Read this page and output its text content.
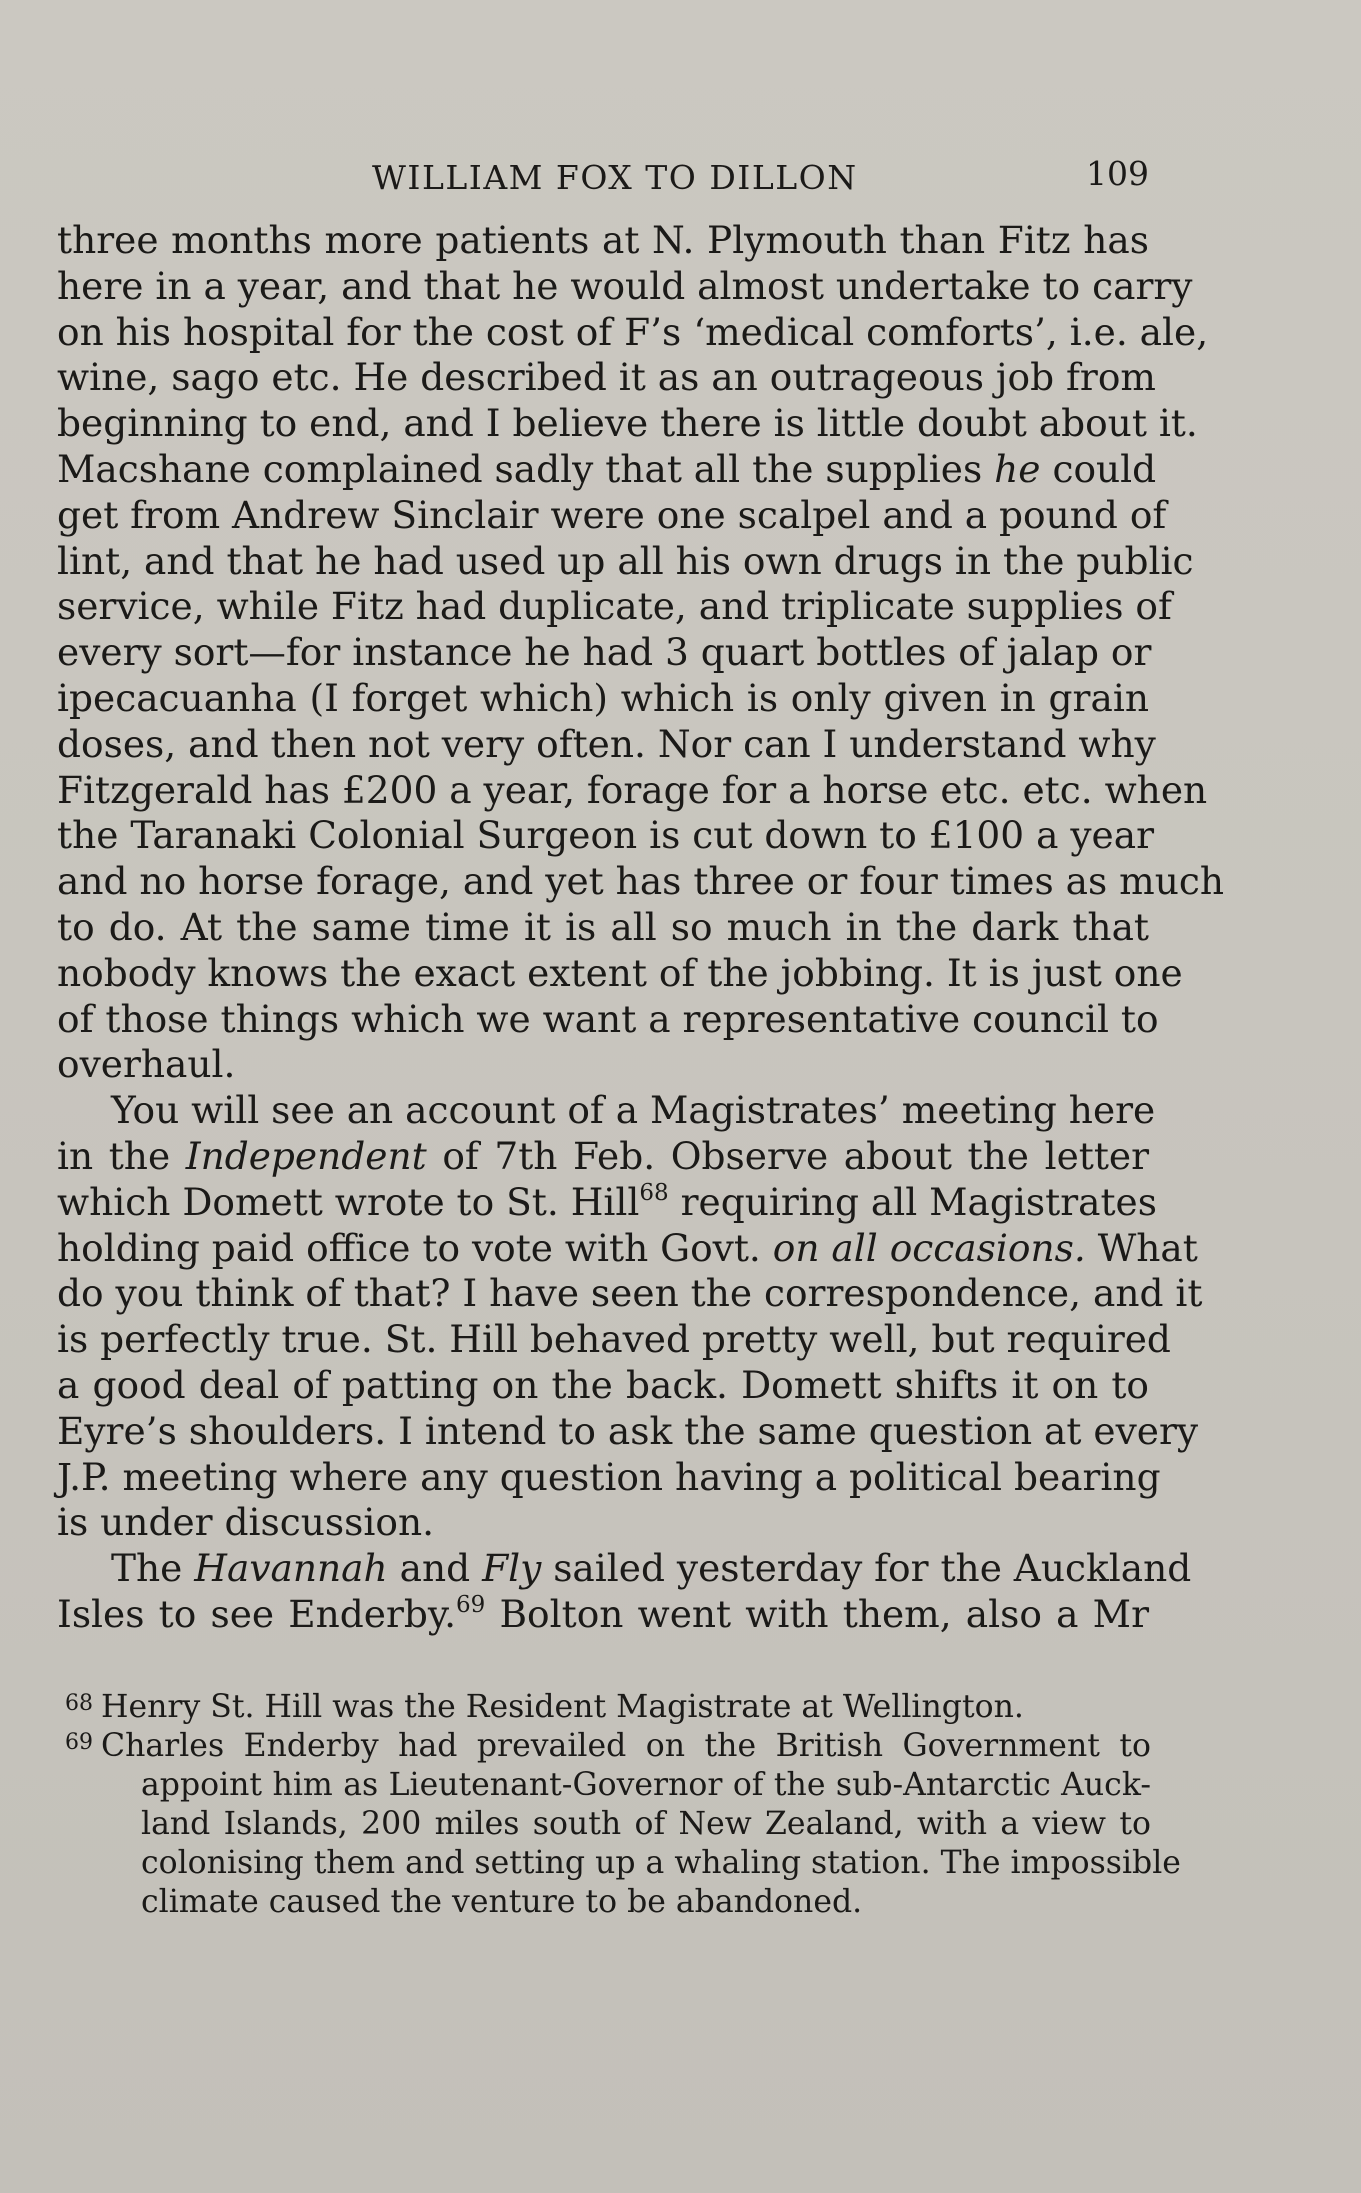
WILLIAM FOX TO DILLON	109
three months more patients at N. Plymouth than Fitz has
here in a year, and that he would almost undertake to carry
on his hospital for the cost of F’s ‘medical comforts’, i.e. ale,
wine, sago etc. He described it as an outrageous job from
beginning to end, and I believe there is little doubt about it.
Macshane complained sadly that all the supplies he could
get from Andrew Sinclair were one scalpel and a pound of
lint, and that he had used up all his own drugs in the public
service, while Fitz had duplicate, and triplicate supplies of
every sort—for instance he had 3 quart bottles of jalap or
ipecacuanha (I forget which) which is only given in grain
doses, and then not very often. Nor can I understand why
Fitzgerald has £200 a year, forage for a horse etc. etc. when
the Taranaki Colonial Surgeon is cut down to £100 a year
and no horse forage, and yet has three or four times as much
to do. At the same time it is all so much in the dark that
nobody knows the exact extent of the jobbing. It is just one
of those things which we want a representative council to
overhaul.
You will see an account of a Magistrates’ meeting here
in the Independent of 7th Feb. Observe about the letter
which Domett wrote to St. Hill$^{68}$ requiring all Magistrates
holding paid office to vote with Govt. on all occasions. What
do you think of that? I have seen the correspondence, and it
is perfectly true. St. Hill behaved pretty well, but required
a good deal of patting on the back. Domett shifts it on to
Eyre’s shoulders. I intend to ask the same question at every
J.P. meeting where any question having a political bearing
is under discussion.
The Havannah and Fly sailed yesterday for the Auckland
Isles to see Enderby.$^{69}$ Bolton went with them, also a Mr
68 Henry St. Hill was the Resident Magistrate at Wellington.
69 Charles Enderby had prevailed on the British Government to
appoint him as Lieutenant-Governor of the sub-Antarctic Auck-
land Islands, 200 miles south of New Zealand, with a view to
colonising them and setting up a whaling station. The impossible
climate caused the venture to be abandoned.
